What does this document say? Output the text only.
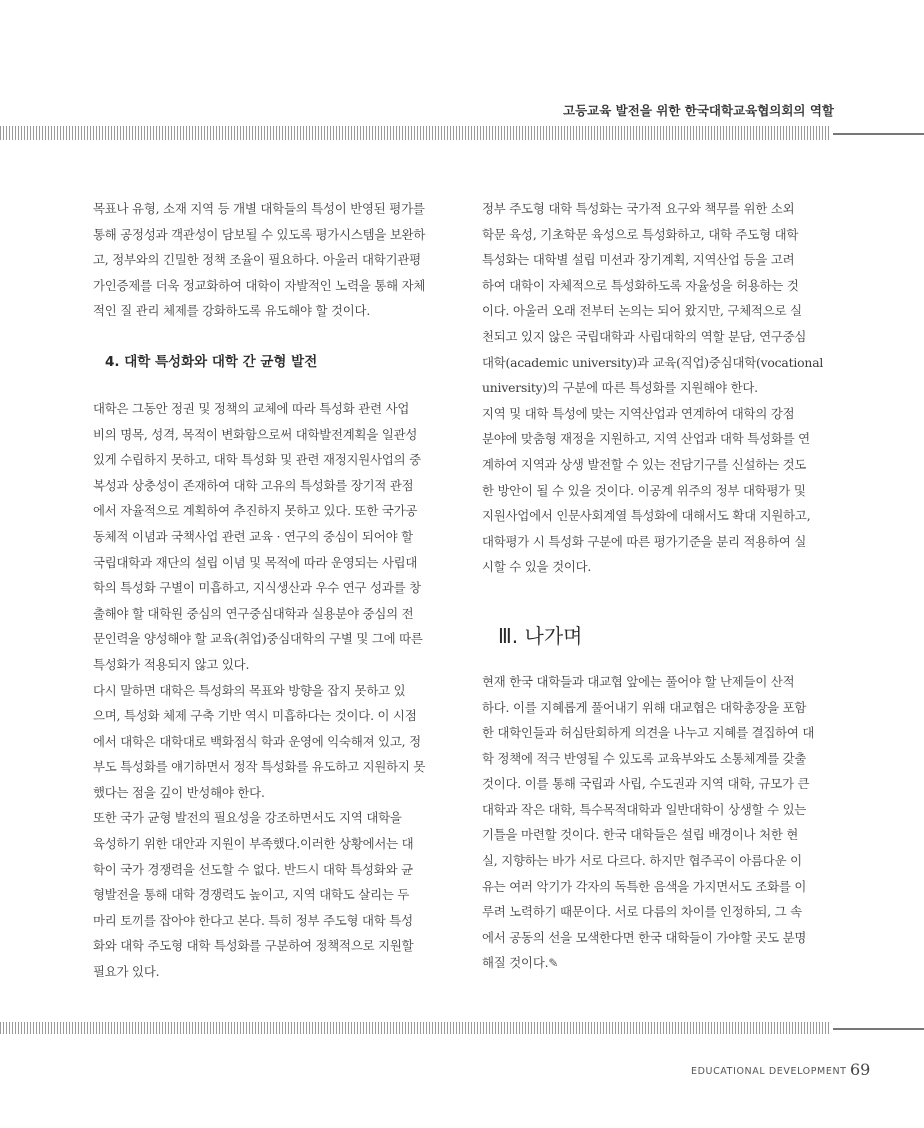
고등교육 발전을 위한 한국대학교육협의회의 역할

목표나 유형, 소재 지역 등 개별 대학들의 특성이 반영된 평가를
통해 공정성과 객관성이 담보될 수 있도록 평가시스템을 보완하
고, 정부와의 긴밀한 정책 조율이 필요하다. 아울러 대학기관평
가인증제를 더욱 정교화하여 대학이 자발적인 노력을 통해 자체
적인 질 관리 체제를 강화하도록 유도해야 할 것이다.

4. 대학 특성화와 대학 간 균형 발전

대학은 그동안 정권 및 정책의 교체에 따라 특성화 관련 사업
비의 명목, 성격, 목적이 변화함으로써 대학발전계획을 일관성
있게 수립하지 못하고, 대학 특성화 및 관련 재정지원사업의 중
복성과 상충성이 존재하여 대학 고유의 특성화를 장기적 관점
에서 자율적으로 계획하여 추진하지 못하고 있다. 또한 국가공
동체적 이념과 국책사업 관련 교육 · 연구의 중심이 되어야 할
국립대학과 재단의 설립 이념 및 목적에 따라 운영되는 사립대
학의 특성화 구별이 미흡하고, 지식생산과 우수 연구 성과를 창
출해야 할 대학원 중심의 연구중심대학과 실용분야 중심의 전
문인력을 양성해야 할 교육(취업)중심대학의 구별 및 그에 따른
특성화가 적용되지 않고 있다.

다시 말하면 대학은 특성화의 목표와 방향을 잡지 못하고 있
으며, 특성화 체제 구축 기반 역시 미흡하다는 것이다. 이 시점
에서 대학은 대학대로 백화점식 학과 운영에 익숙해져 있고, 정
부도 특성화를 얘기하면서 정작 특성화를 유도하고 지원하지 못
했다는 점을 깊이 반성해야 한다.

또한 국가 균형 발전의 필요성을 강조하면서도 지역 대학을
육성하기 위한 대안과 지원이 부족했다.이러한 상황에서는 대
학이 국가 경쟁력을 선도할 수 없다. 반드시 대학 특성화와 균
형발전을 통해 대학 경쟁력도 높이고, 지역 대학도 살리는 두
마리 토끼를 잡아야 한다고 본다. 특히 정부 주도형 대학 특성
화와 대학 주도형 대학 특성화를 구분하여 정책적으로 지원할
필요가 있다.

정부 주도형 대학 특성화는 국가적 요구와 책무를 위한 소외
학문 육성, 기초학문 육성으로 특성화하고, 대학 주도형 대학
특성화는 대학별 설립 미션과 장기계획, 지역산업 등을 고려
하여 대학이 자체적으로 특성화하도록 자율성을 허용하는 것
이다. 아울러 오래 전부터 논의는 되어 왔지만, 구체적으로 실
천되고 있지 않은 국립대학과 사립대학의 역할 분담, 연구중심
대학(academic university)과 교육(직업)중심대학(vocational
university)의 구분에 따른 특성화를 지원해야 한다.

지역 및 대학 특성에 맞는 지역산업과 연계하여 대학의 강점
분야에 맞춤형 재정을 지원하고, 지역 산업과 대학 특성화를 연
계하여 지역과 상생 발전할 수 있는 전담기구를 신설하는 것도
한 방안이 될 수 있을 것이다. 이공계 위주의 정부 대학평가 및
지원사업에서 인문사회계열 특성화에 대해서도 확대 지원하고,
대학평가 시 특성화 구분에 따른 평가기준을 분리 적용하여 실
시할 수 있을 것이다.

Ⅲ. 나가며

현재 한국 대학들과 대교협 앞에는 풀어야 할 난제들이 산적
하다. 이를 지혜롭게 풀어내기 위해 대교협은 대학총장을 포함
한 대학인들과 허심탄회하게 의견을 나누고 지혜를 결집하여 대
학 정책에 적극 반영될 수 있도록 교육부와도 소통체계를 갖출
것이다. 이를 통해 국립과 사립, 수도권과 지역 대학, 규모가 큰
대학과 작은 대학, 특수목적대학과 일반대학이 상생할 수 있는
기틀을 마련할 것이다. 한국 대학들은 설립 배경이나 처한 현
실, 지향하는 바가 서로 다르다. 하지만 협주곡이 아름다운 이
유는 여러 악기가 각자의 독특한 음색을 가지면서도 조화를 이
루려 노력하기 때문이다. 서로 다름의 차이를 인정하되, 그 속
에서 공동의 선을 모색한다면 한국 대학들이 가야할 곳도 분명
해질 것이다.✎

EDUCATIONAL DEVELOPMENT 69
